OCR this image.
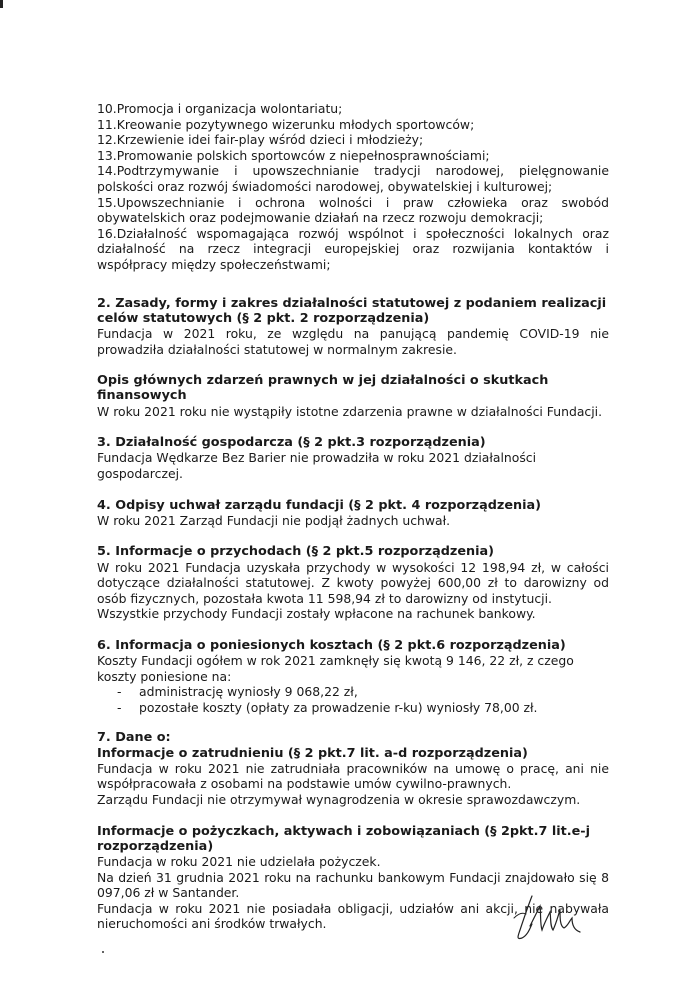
10.Promocja i organizacja wolontariatu;

11.Kreowanie pozytywnego wizerunku młodych sportowców;

12.Krzewienie idei fair-play wśród dzieci i młodzieży;

13.Promowanie polskich sportowców z niepełnosprawnościami;

14.Podtrzymywanie i upowszechnianie tradycji narodowej, pielęgnowanie polskości oraz rozwój świadomości narodowej, obywatelskiej i kulturowej;

15.Upowszechnianie i ochrona wolności i praw człowieka oraz swobód obywatelskich oraz podejmowanie działań na rzecz rozwoju demokracji;

16.Działalność wspomagająca rozwój wspólnot i społeczności lokalnych oraz działalność na rzecz integracji europejskiej oraz rozwijania kontaktów i współpracy między społeczeństwami;

2. Zasady, formy i zakres działalności statutowej z podaniem realizacji celów statutowych (§ 2 pkt. 2 rozporządzenia)

Fundacja w 2021 roku, ze względu na panującą pandemię COVID-19 nie prowadziła działalności statutowej w normalnym zakresie.

Opis głównych zdarzeń prawnych w jej działalności o skutkach finansowych

W roku 2021 roku nie wystąpiły istotne zdarzenia prawne w działalności Fundacji.

3. Działalność gospodarcza (§ 2 pkt.3 rozporządzenia)

Fundacja Wędkarze Bez Barier nie prowadziła w roku 2021 działalności gospodarczej.

4. Odpisy uchwał zarządu fundacji (§ 2 pkt. 4 rozporządzenia)

W roku 2021 Zarząd Fundacji nie podjął żadnych uchwał.

5. Informacje o przychodach (§ 2 pkt.5 rozporządzenia)

W roku 2021 Fundacja uzyskała przychody w wysokości 12 198,94 zł, w całości dotyczące działalności statutowej. Z kwoty powyżej 600,00 zł to darowizny od osób fizycznych, pozostała kwota 11 598,94 zł to darowizny od instytucji.

Wszystkie przychody Fundacji zostały wpłacone na rachunek bankowy.

6. Informacja o poniesionych kosztach (§ 2 pkt.6 rozporządzenia)

Koszty Fundacji ogółem w rok 2021 zamknęły się kwotą 9 146, 22 zł, z czego koszty poniesione na:

- administrację wyniosły 9 068,22 zł,
- pozostałe koszty (opłaty za prowadzenie r-ku) wyniosły 78,00 zł.
7. Dane o:
Informacje o zatrudnieniu (§ 2 pkt.7 lit. a-d rozporządzenia)

Fundacja w roku 2021 nie zatrudniała pracowników na umowę o pracę, ani nie współpracowała z osobami na podstawie umów cywilno-prawnych.

Zarządu Fundacji nie otrzymywał wynagrodzenia w okresie sprawozdawczym.

Informacje o pożyczkach, aktywach i zobowiązaniach (§ 2pkt.7 lit.e-j rozporządzenia)

Fundacja w roku 2021 nie udzielała pożyczek.

Na dzień 31 grudnia 2021 roku na rachunku bankowym Fundacji znajdowało się 8 097,06 zł w Santander.

Fundacja w roku 2021 nie posiadała obligacji, udziałów ani akcji, nie nabywała nieruchomości ani środków trwałych.
